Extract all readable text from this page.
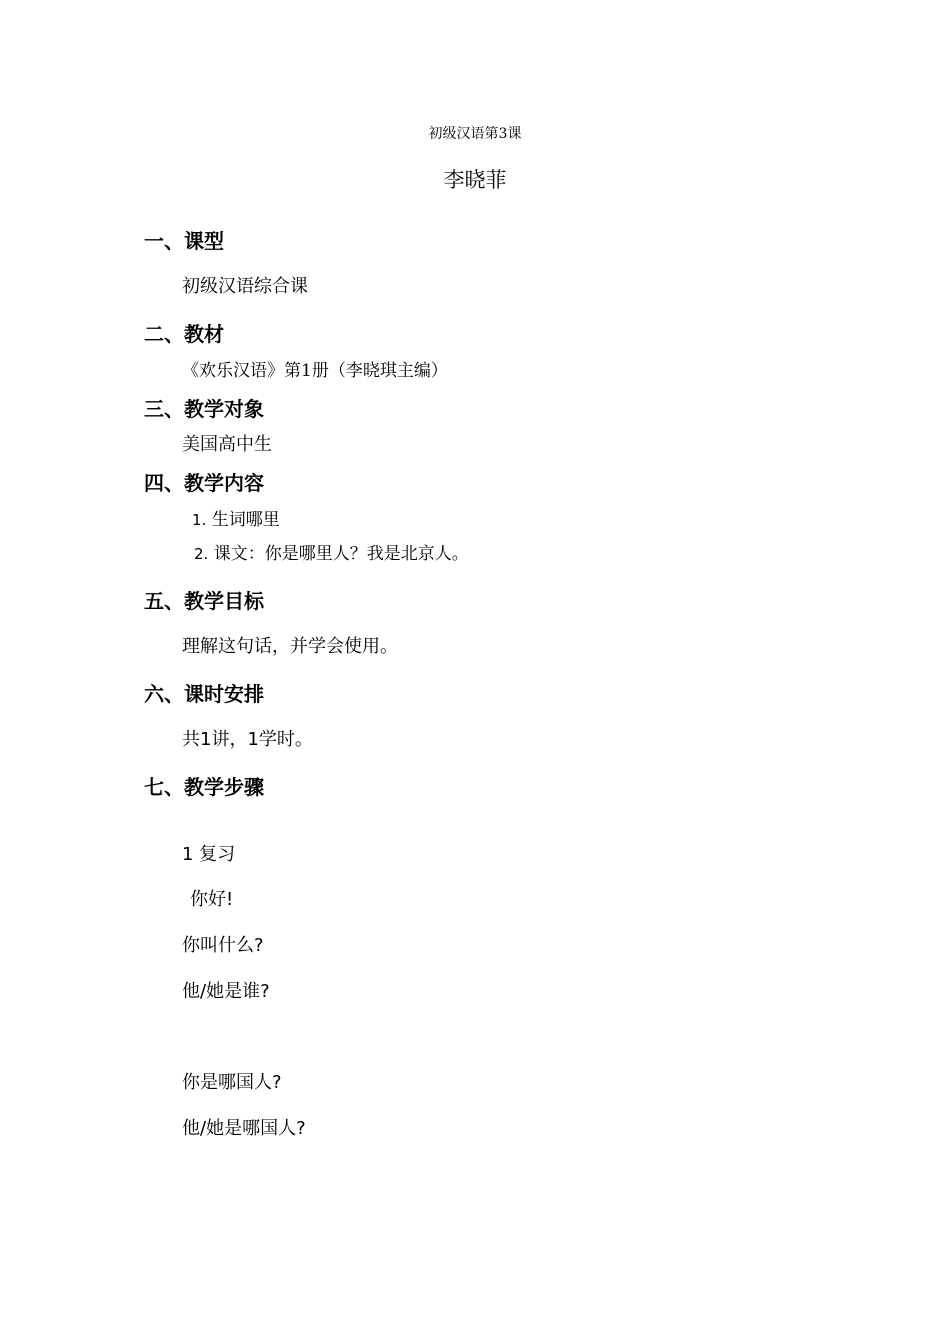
初级汉语第3课

李晓菲

一、课型

初级汉语综合课

二、教材

《欢乐汉语》第1册（李晓琪主编）

三、教学对象

美国高中生

四、教学内容
1. 生词哪里
2. 课文：你是哪里人？我是北京人。
五、教学目标

理解这句话，并学会使用。

六、课时安排

共1讲，1学时。

七、教学步骤

1 复习

你好!

你叫什么?

他/她是谁?

你是哪国人?

他/她是哪国人?
